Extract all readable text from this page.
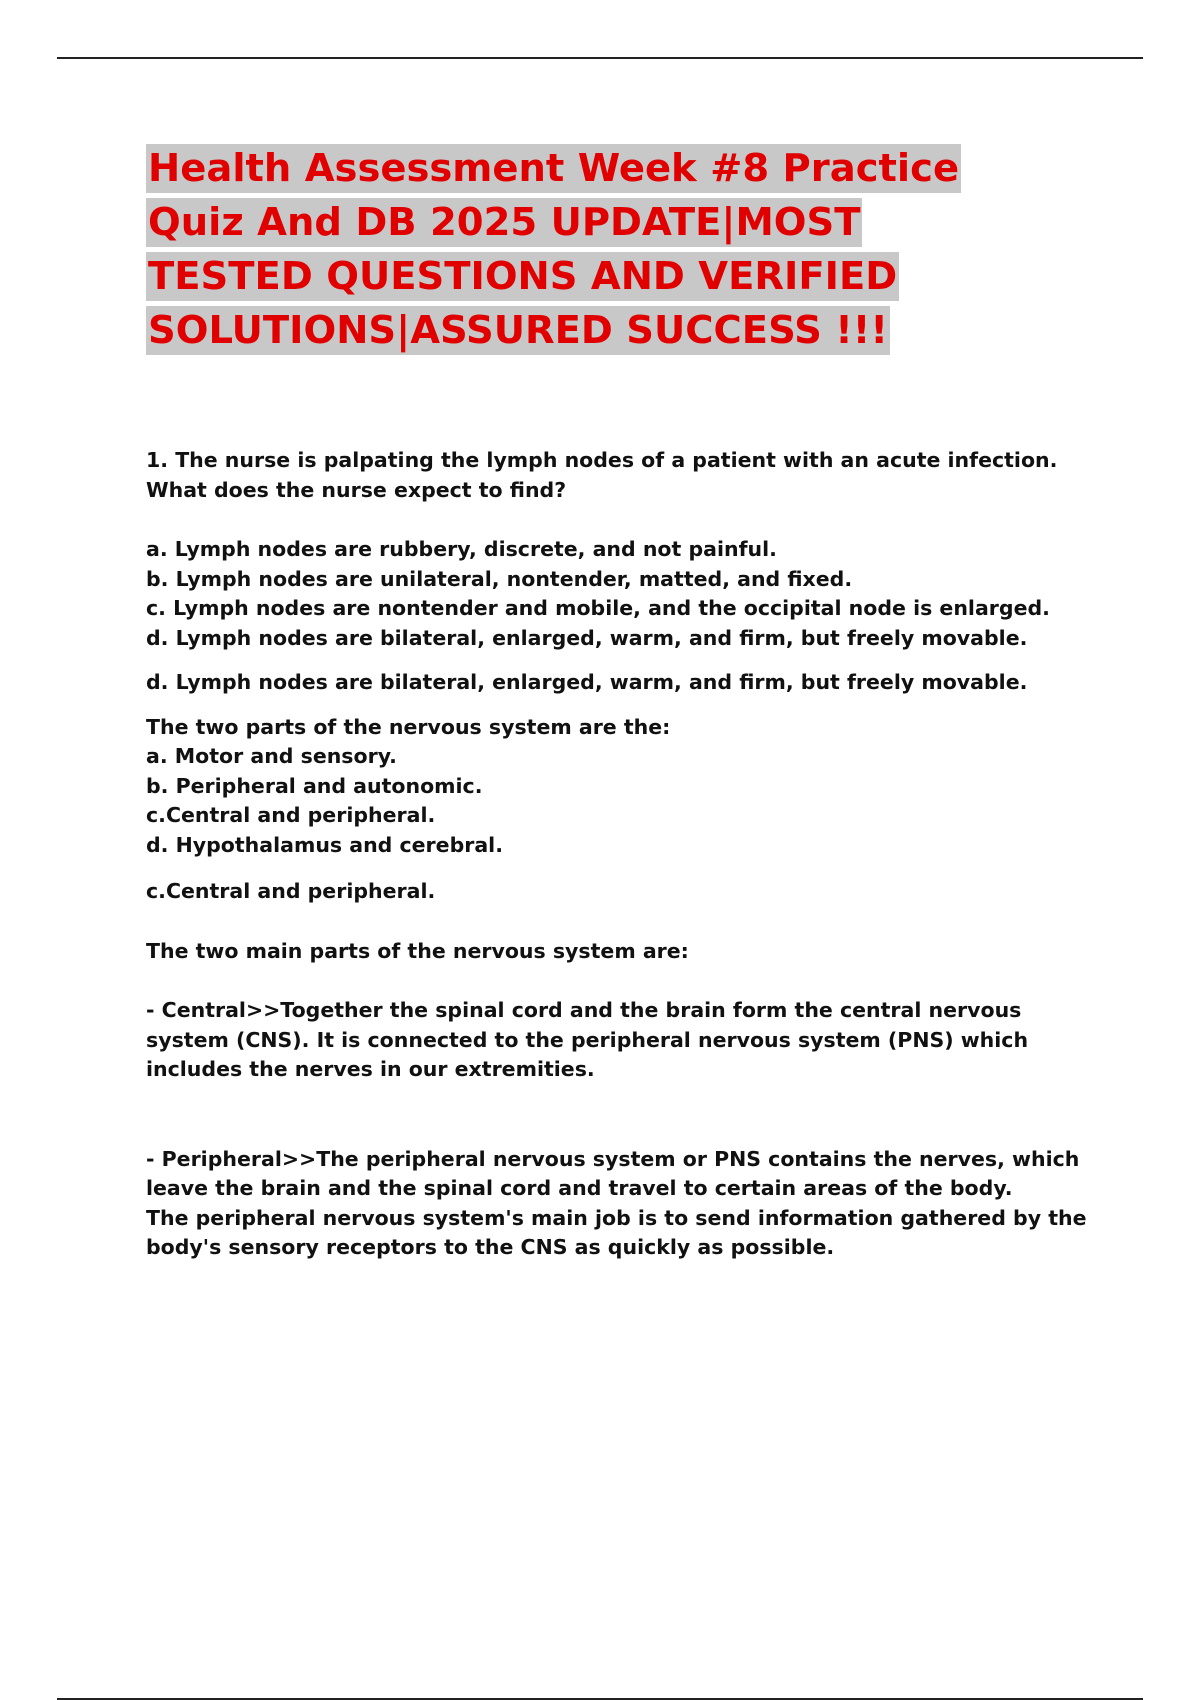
Health Assessment Week #8 Practice Quiz And DB 2025 UPDATE|MOST TESTED QUESTIONS AND VERIFIED SOLUTIONS|ASSURED SUCCESS !!!

1. The nurse is palpating the lymph nodes of a patient with an acute infection. What does the nurse expect to find?

a. Lymph nodes are rubbery, discrete, and not painful.
b. Lymph nodes are unilateral, nontender, matted, and fixed.
c. Lymph nodes are nontender and mobile, and the occipital node is enlarged.
d. Lymph nodes are bilateral, enlarged, warm, and firm, but freely movable.

d. Lymph nodes are bilateral, enlarged, warm, and firm, but freely movable.

The two parts of the nervous system are the:
a. Motor and sensory.
b. Peripheral and autonomic.
c.Central and peripheral.
d. Hypothalamus and cerebral.

c.Central and peripheral.

The two main parts of the nervous system are:

- Central>>Together the spinal cord and the brain form the central nervous system (CNS). It is connected to the peripheral nervous system (PNS) which includes the nerves in our extremities.

- Peripheral>>The peripheral nervous system or PNS contains the nerves, which leave the brain and the spinal cord and travel to certain areas of the body.
The peripheral nervous system's main job is to send information gathered by the body's sensory receptors to the CNS as quickly as possible.
